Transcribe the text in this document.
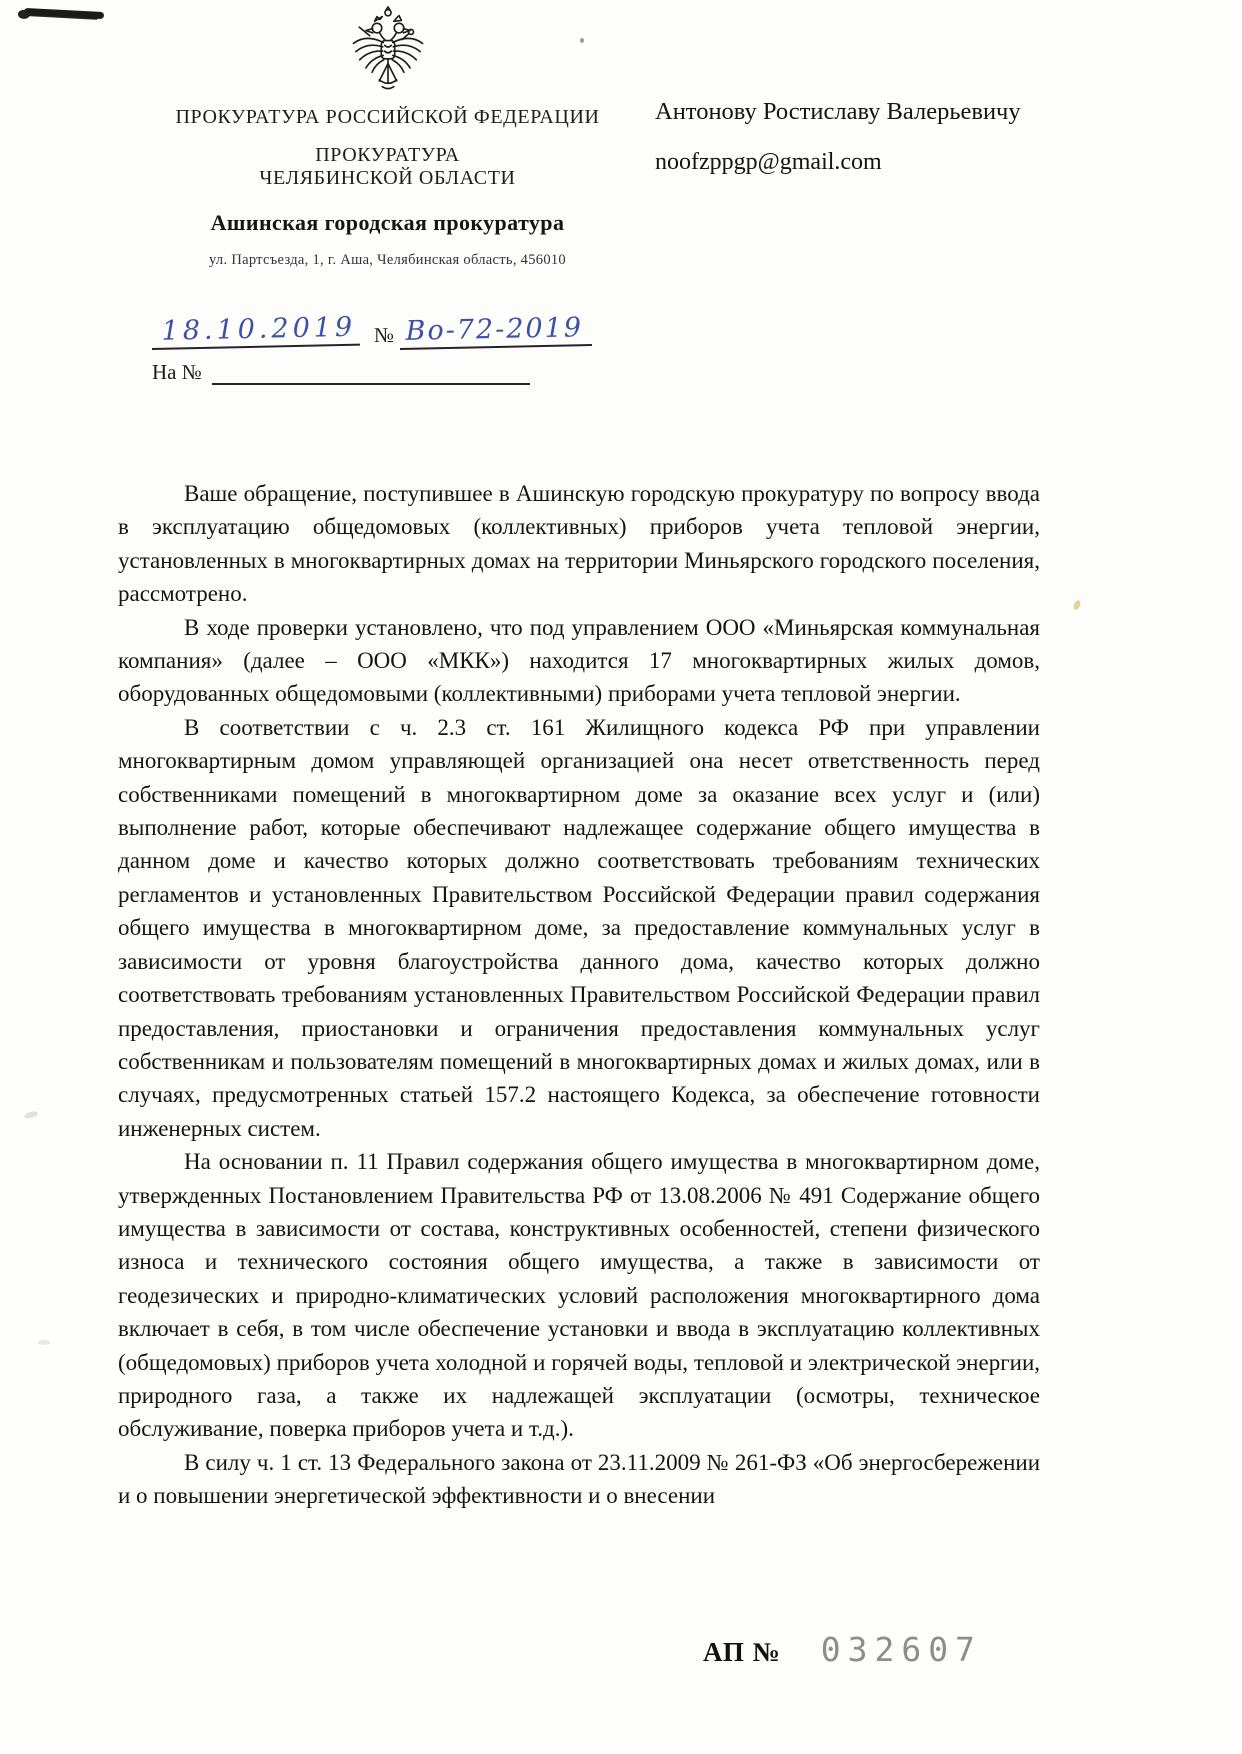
ПРОКУРАТУРА РОССИЙСКОЙ ФЕДЕРАЦИИ
ПРОКУРАТУРА
ЧЕЛЯБИНСКОЙ ОБЛАСТИ
Ашинская городская прокуратура
ул. Партсъезда, 1, г. Аша, Челябинская область, 456010
Антонову Ростиславу Валерьевичу
noofzppgp@gmail.com
18.10.2019 № Во-72-2019
На №

Ваше обращение, поступившее в Ашинскую городскую прокуратуру по вопросу ввода в эксплуатацию общедомовых (коллективных) приборов учета тепловой энергии, установленных в многоквартирных домах на территории Миньярского городского поселения, рассмотрено.

В ходе проверки установлено, что под управлением ООО «Миньярская коммунальная компания» (далее – ООО «МКК») находится 17 многоквартирных жилых домов, оборудованных общедомовыми (коллективными) приборами учета тепловой энергии.

В соответствии с ч. 2.3 ст. 161 Жилищного кодекса РФ при управлении многоквартирным домом управляющей организацией она несет ответственность перед собственниками помещений в многоквартирном доме за оказание всех услуг и (или) выполнение работ, которые обеспечивают надлежащее содержание общего имущества в данном доме и качество которых должно соответствовать требованиям технических регламентов и установленных Правительством Российской Федерации правил содержания общего имущества в многоквартирном доме, за предоставление коммунальных услуг в зависимости от уровня благоустройства данного дома, качество которых должно соответствовать требованиям установленных Правительством Российской Федерации правил предоставления, приостановки и ограничения предоставления коммунальных услуг собственникам и пользователям помещений в многоквартирных домах и жилых домах, или в случаях, предусмотренных статьей 157.2 настоящего Кодекса, за обеспечение готовности инженерных систем.

На основании п. 11 Правил содержания общего имущества в многоквартирном доме, утвержденных Постановлением Правительства РФ от 13.08.2006 № 491 Содержание общего имущества в зависимости от состава, конструктивных особенностей, степени физического износа и технического состояния общего имущества, а также в зависимости от геодезических и природно-климатических условий расположения многоквартирного дома включает в себя, в том числе обеспечение установки и ввода в эксплуатацию коллективных (общедомовых) приборов учета холодной и горячей воды, тепловой и электрической энергии, природного газа, а также их надлежащей эксплуатации (осмотры, техническое обслуживание, поверка приборов учета и т.д.).

В силу ч. 1 ст. 13 Федерального закона от 23.11.2009 № 261-ФЗ «Об энергосбережении и о повышении энергетической эффективности и о внесении

АП № 032607
